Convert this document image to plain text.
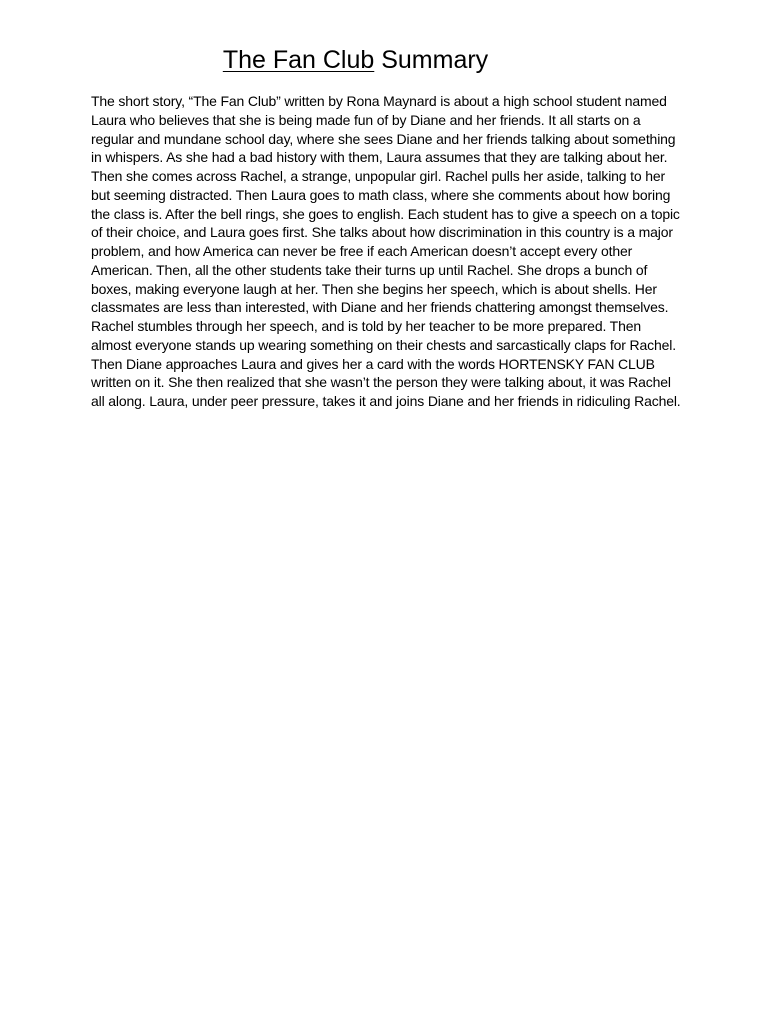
The Fan Club Summary

The short story, “The Fan Club” written by Rona Maynard is about a high school student named Laura who believes that she is being made fun of by Diane and her friends. It all starts on a regular and mundane school day, where she sees Diane and her friends talking about something in whispers. As she had a bad history with them, Laura assumes that they are talking about her. Then she comes across Rachel, a strange, unpopular girl. Rachel pulls her aside, talking to her but seeming distracted. Then Laura goes to math class, where she comments about how boring the class is. After the bell rings, she goes to english. Each student has to give a speech on a topic of their choice, and Laura goes first. She talks about how discrimination in this country is a major problem, and how America can never be free if each American doesn’t accept every other American. Then, all the other students take their turns up until Rachel. She drops a bunch of boxes, making everyone laugh at her. Then she begins her speech, which is about shells. Her classmates are less than interested, with Diane and her friends chattering amongst themselves. Rachel stumbles through her speech, and is told by her teacher to be more prepared. Then almost everyone stands up wearing something on their chests and sarcastically claps for Rachel. Then Diane approaches Laura and gives her a card with the words HORTENSKY FAN CLUB written on it. She then realized that she wasn’t the person they were talking about, it was Rachel all along. Laura, under peer pressure, takes it and joins Diane and her friends in ridiculing Rachel.
